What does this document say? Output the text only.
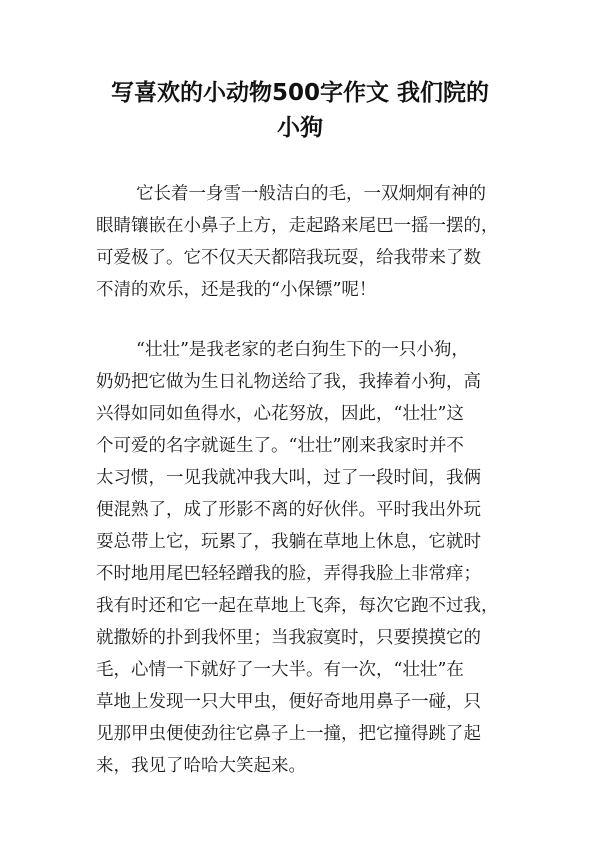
写喜欢的小动物500字作文 我们院的
小狗
它长着一身雪一般洁白的毛，一双炯炯有神的
眼睛镶嵌在小鼻子上方，走起路来尾巴一摇一摆的，
可爱极了。它不仅天天都陪我玩耍，给我带来了数
不清的欢乐，还是我的“小保镖”呢！
“壮壮”是我老家的老白狗生下的一只小狗，
奶奶把它做为生日礼物送给了我，我捧着小狗，高
兴得如同如鱼得水，心花努放，因此，“壮壮”这
个可爱的名字就诞生了。“壮壮”刚来我家时并不
太习惯，一见我就冲我大叫，过了一段时间，我俩
便混熟了，成了形影不离的好伙伴。平时我出外玩
耍总带上它，玩累了，我躺在草地上休息，它就时
不时地用尾巴轻轻蹭我的脸，弄得我脸上非常痒；
我有时还和它一起在草地上飞奔，每次它跑不过我，
就撒娇的扑到我怀里；当我寂寞时，只要摸摸它的
毛，心情一下就好了一大半。有一次，“壮壮”在
草地上发现一只大甲虫，便好奇地用鼻子一碰，只
见那甲虫便使劲往它鼻子上一撞，把它撞得跳了起
来，我见了哈哈大笑起来。
